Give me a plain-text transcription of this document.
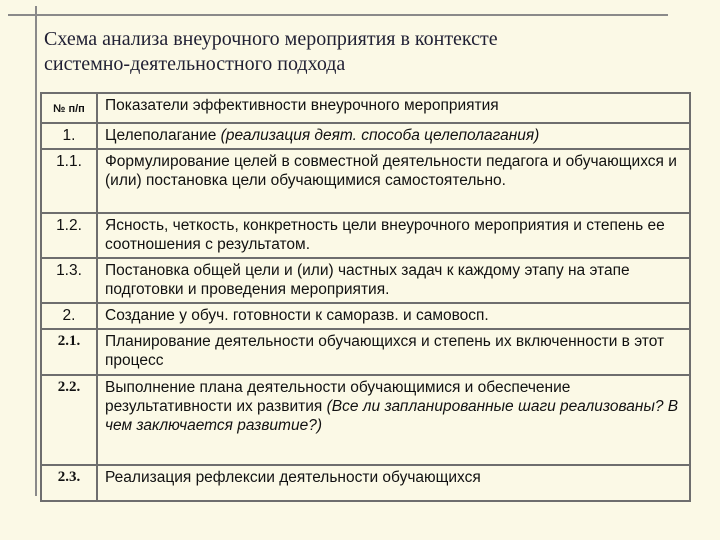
Схема анализа внеурочного мероприятия в контексте
системно-деятельностного подхода
№ п/п	Показатели эффективности внеурочного мероприятия
1.	Целеполагание (реализация деят. способа целеполагания)
1.1.	Формулирование целей в совместной деятельности педагога и обучающихся и (или) постановка цели обучающимися самостоятельно.
1.2.	Ясность, четкость, конкретность цели внеурочного мероприятия и степень ее соотношения с результатом.
1.3.	Постановка общей цели и (или) частных задач к каждому этапу на этапе подготовки и проведения мероприятия.
2.	Создание у обуч. готовности к саморазв. и самовосп.
2.1.	Планирование деятельности обучающихся и степень их включенности в этот процесс
2.2.	Выполнение плана деятельности обучающимися и обеспечение результативности их развития (Все ли запланированные шаги реализованы? В чем заключается развитие?)
2.3.	Реализация рефлексии деятельности обучающихся
